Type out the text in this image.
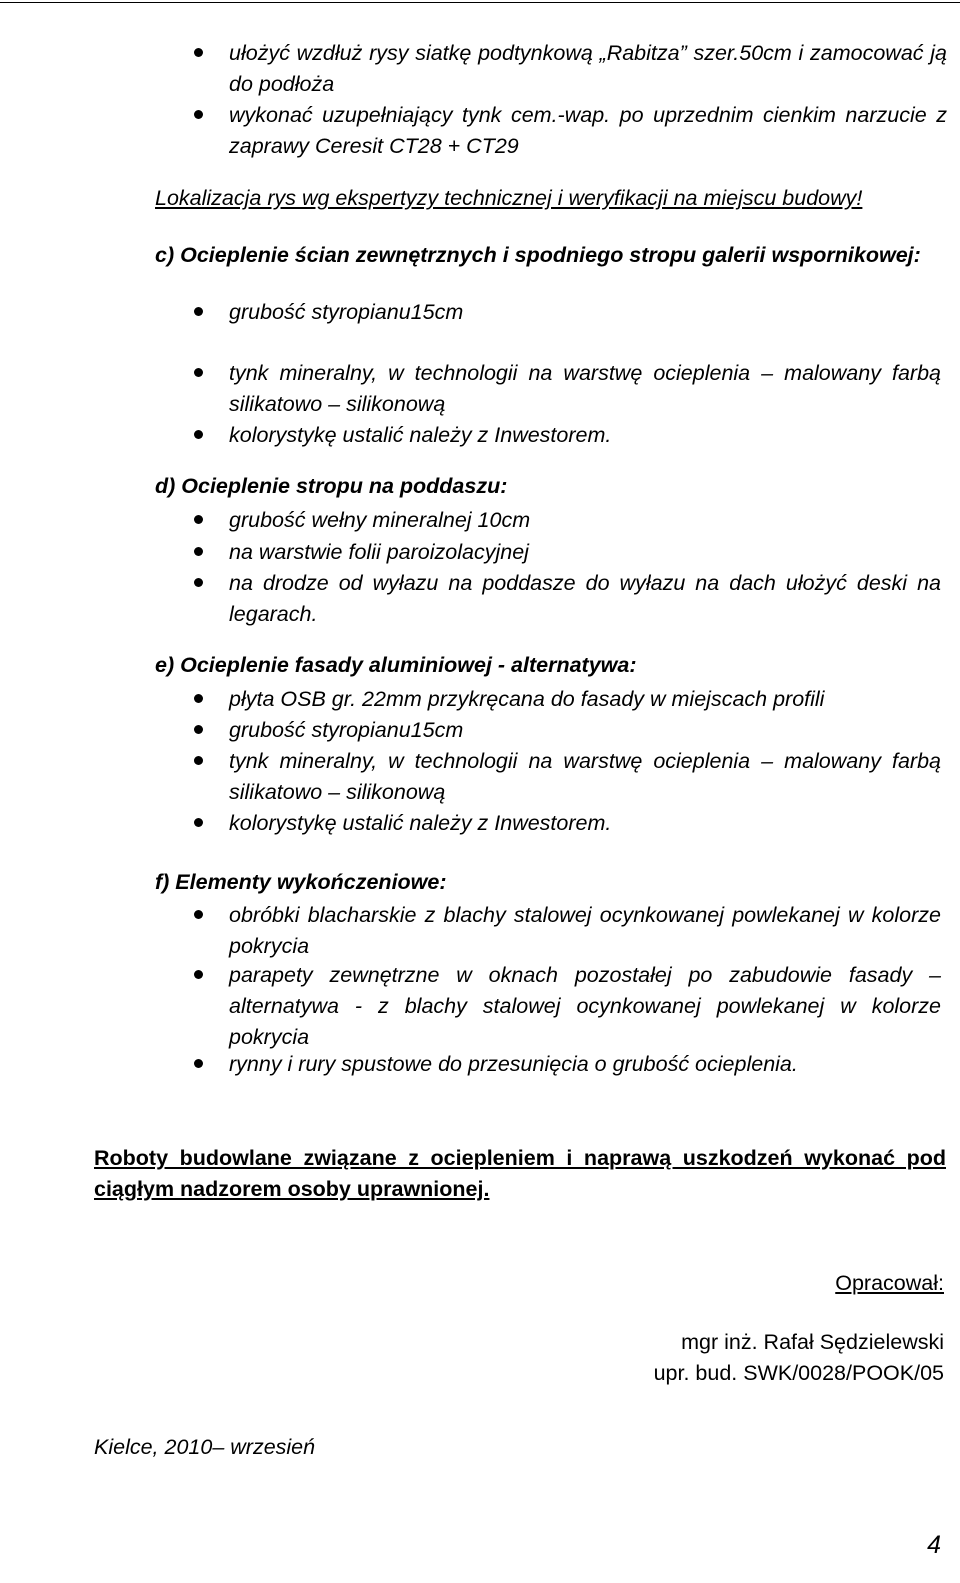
ułożyć wzdłuż rysy siatkę podtynkową „Rabitza” szer.50cm i zamocować ją do podłoża
wykonać uzupełniający tynk cem.-wap. po uprzednim cienkim narzucie z zaprawy Ceresit CT28 + CT29
Lokalizacja rys wg ekspertyzy technicznej i weryfikacji na miejscu budowy!
c) Ocieplenie ścian zewnętrznych i spodniego stropu galerii wspornikowej:
grubość styropianu15cm
tynk mineralny, w technologii na warstwę ocieplenia – malowany farbą silikatowo – silikonową
kolorystykę ustalić należy z Inwestorem.
d) Ocieplenie stropu na poddaszu:
grubość wełny mineralnej 10cm
na warstwie folii paroizolacyjnej
na drodze od wyłazu na poddasze do wyłazu na dach ułożyć deski na legarach.
e) Ocieplenie fasady aluminiowej - alternatywa:
płyta OSB gr. 22mm przykręcana do fasady w miejscach profili
grubość styropianu15cm
tynk mineralny, w technologii na warstwę ocieplenia – malowany farbą silikatowo – silikonową
kolorystykę ustalić należy z Inwestorem.
f) Elementy wykończeniowe:
obróbki blacharskie z blachy stalowej ocynkowanej powlekanej w kolorze pokrycia
parapety zewnętrzne w oknach pozostałej po zabudowie fasady – alternatywa - z blachy stalowej ocynkowanej powlekanej w kolorze pokrycia
rynny i rury spustowe do przesunięcia o grubość ocieplenia.
Roboty budowlane związane z ociepleniem i naprawą uszkodzeń wykonać pod ciągłym nadzorem osoby uprawnionej.
Opracował:
mgr inż. Rafał Sędzielewski
upr. bud. SWK/0028/POOK/05
Kielce, 2010– wrzesień
4
